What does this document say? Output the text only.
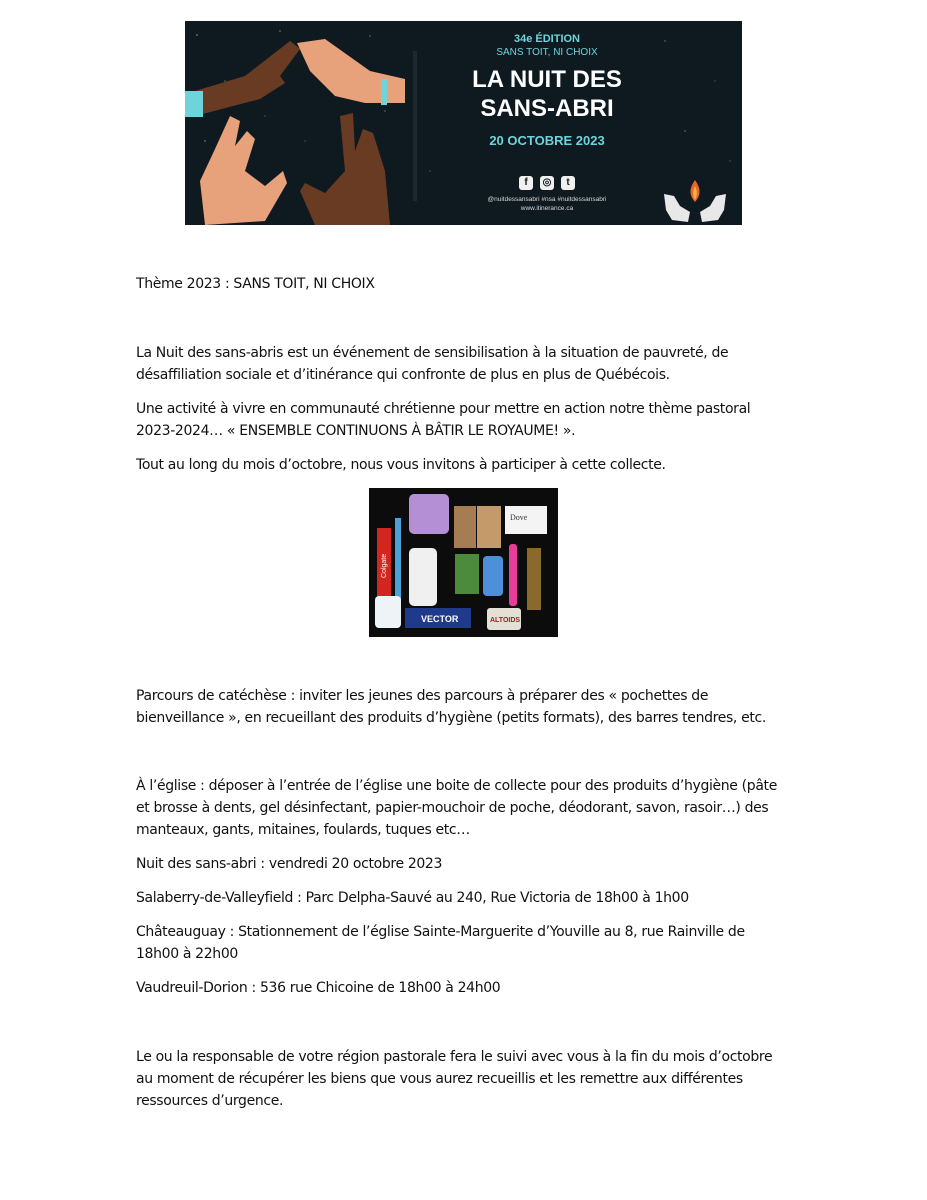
34e ÉDITION
SANS TOIT, NI CHOIX
LA NUIT DES
SANS-ABRI
20 OCTOBRE 2023
f	◎	t
@nuitdessansabri #nsa #nuitdessansabri
www.itinerance.ca
LANUITdesSANSABRI

Thème 2023 : SANS TOIT, NI CHOIX

La Nuit des sans-abris est un événement de sensibilisation à la situation de pauvreté, de désaffiliation sociale et d’itinérance qui confronte de plus en plus de Québécois.

Une activité à vivre en communauté chrétienne pour mettre en action notre thème pastoral 2023-2024… « ENSEMBLE CONTINUONS À BÂTIR LE ROYAUME! ».

Tout au long du mois d’octobre, nous vous invitons à participer à cette collecte.

Colgate
Dove
VECTOR	ALTOIDS

Parcours de catéchèse : inviter les jeunes des parcours à préparer des « pochettes de bienveillance », en recueillant des produits d’hygiène (petits formats), des barres tendres, etc.

À l’église : déposer à l’entrée de l’église une boite de collecte pour des produits d’hygiène (pâte et brosse à dents, gel désinfectant, papier-mouchoir de poche, déodorant, savon, rasoir…) des manteaux, gants, mitaines, foulards, tuques etc…

Nuit des sans-abri : vendredi 20 octobre 2023

Salaberry-de-Valleyfield : Parc Delpha-Sauvé au 240, Rue Victoria de 18h00 à 1h00

Châteauguay : Stationnement de l’église Sainte-Marguerite d’Youville au 8, rue Rainville de 18h00 à 22h00

Vaudreuil-Dorion : 536 rue Chicoine de 18h00 à 24h00

Le ou la responsable de votre région pastorale fera le suivi avec vous à la fin du mois d’octobre au moment de récupérer les biens que vous aurez recueillis et les remettre aux différentes ressources d’urgence.
